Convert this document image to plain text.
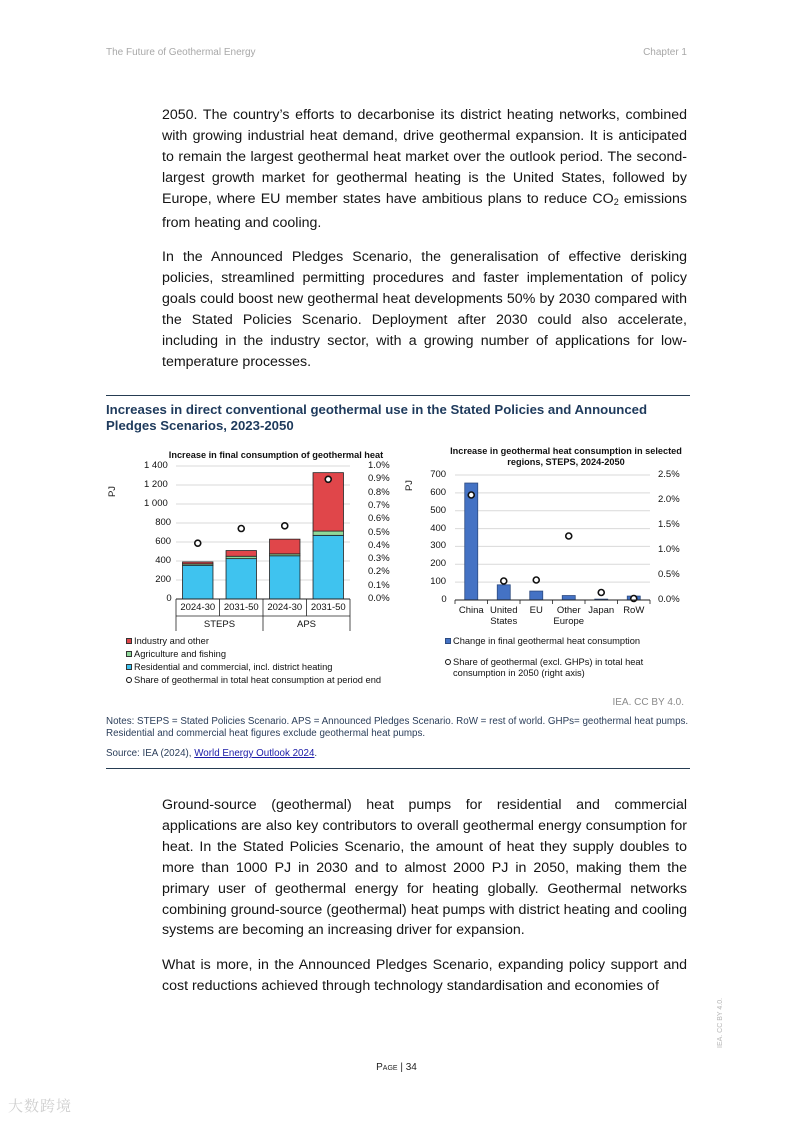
The Future of Geothermal Energy	Chapter 1

2050. The country’s efforts to decarbonise its district heating networks, combined with growing industrial heat demand, drive geothermal expansion. It is anticipated to remain the largest geothermal heat market over the outlook period. The second-largest growth market for geothermal heating is the United States, followed by Europe, where EU member states have ambitious plans to reduce $CO_2$ emissions from heating and cooling.

In the Announced Pledges Scenario, the generalisation of effective derisking policies, streamlined permitting procedures and faster implementation of policy goals could boost new geothermal heat developments 50% by 2030 compared with the Stated Policies Scenario. Deployment after 2030 could also accelerate, including in the industry sector, with a growing number of applications for low-temperature processes.

Increases in direct conventional geothermal use in the Stated Policies and Announced Pledges Scenarios, 2023-2050
Increase in final consumption of geothermal heat
PJ
Industry and other
Agriculture and fishing
Residential and commercial, incl. district heating
Share of geothermal in total heat consumption at period end
Increase in geothermal heat consumption in selected regions, STEPS, 2024-2050
PJ
Change in final geothermal heat consumption
Share of geothermal (excl. GHPs) in total heat consumption in 2050 (right axis)
IEA. CC BY 4.0.
Notes: STEPS = Stated Policies Scenario. APS = Announced Pledges Scenario. RoW = rest of world. GHPs= geothermal heat pumps. Residential and commercial heat figures exclude geothermal heat pumps.
Source: IEA (2024), World Energy Outlook 2024.
0
200
400
600
800
1 000
1 200
1 400
0.0%
0.1%
0.2%
0.3%
0.4%
0.5%
0.6%
0.7%
0.8%
0.9%
1.0%
2024-30 2031-50 2024-30 2031-50
STEPS	APS
0
100
200
300
400
500
600
700
0.0%
0.5%
1.0%
1.5%
2.0%
2.5%
China United
States
EU	Other
Europe
Japan RoW

Ground-source (geothermal) heat pumps for residential and commercial applications are also key contributors to overall geothermal energy consumption for heat. In the Stated Policies Scenario, the amount of heat they supply doubles to more than 1000 PJ in 2030 and to almost 2000 PJ in 2050, making them the primary user of geothermal energy for heating globally. Geothermal networks combining ground-source (geothermal) heat pumps with district heating and cooling systems are becoming an increasing driver for expansion.

What is more, in the Announced Pledges Scenario, expanding policy support and cost reductions achieved through technology standardisation and economies of

Page | 34
IEA. CC BY 4.0.
大数跨境
